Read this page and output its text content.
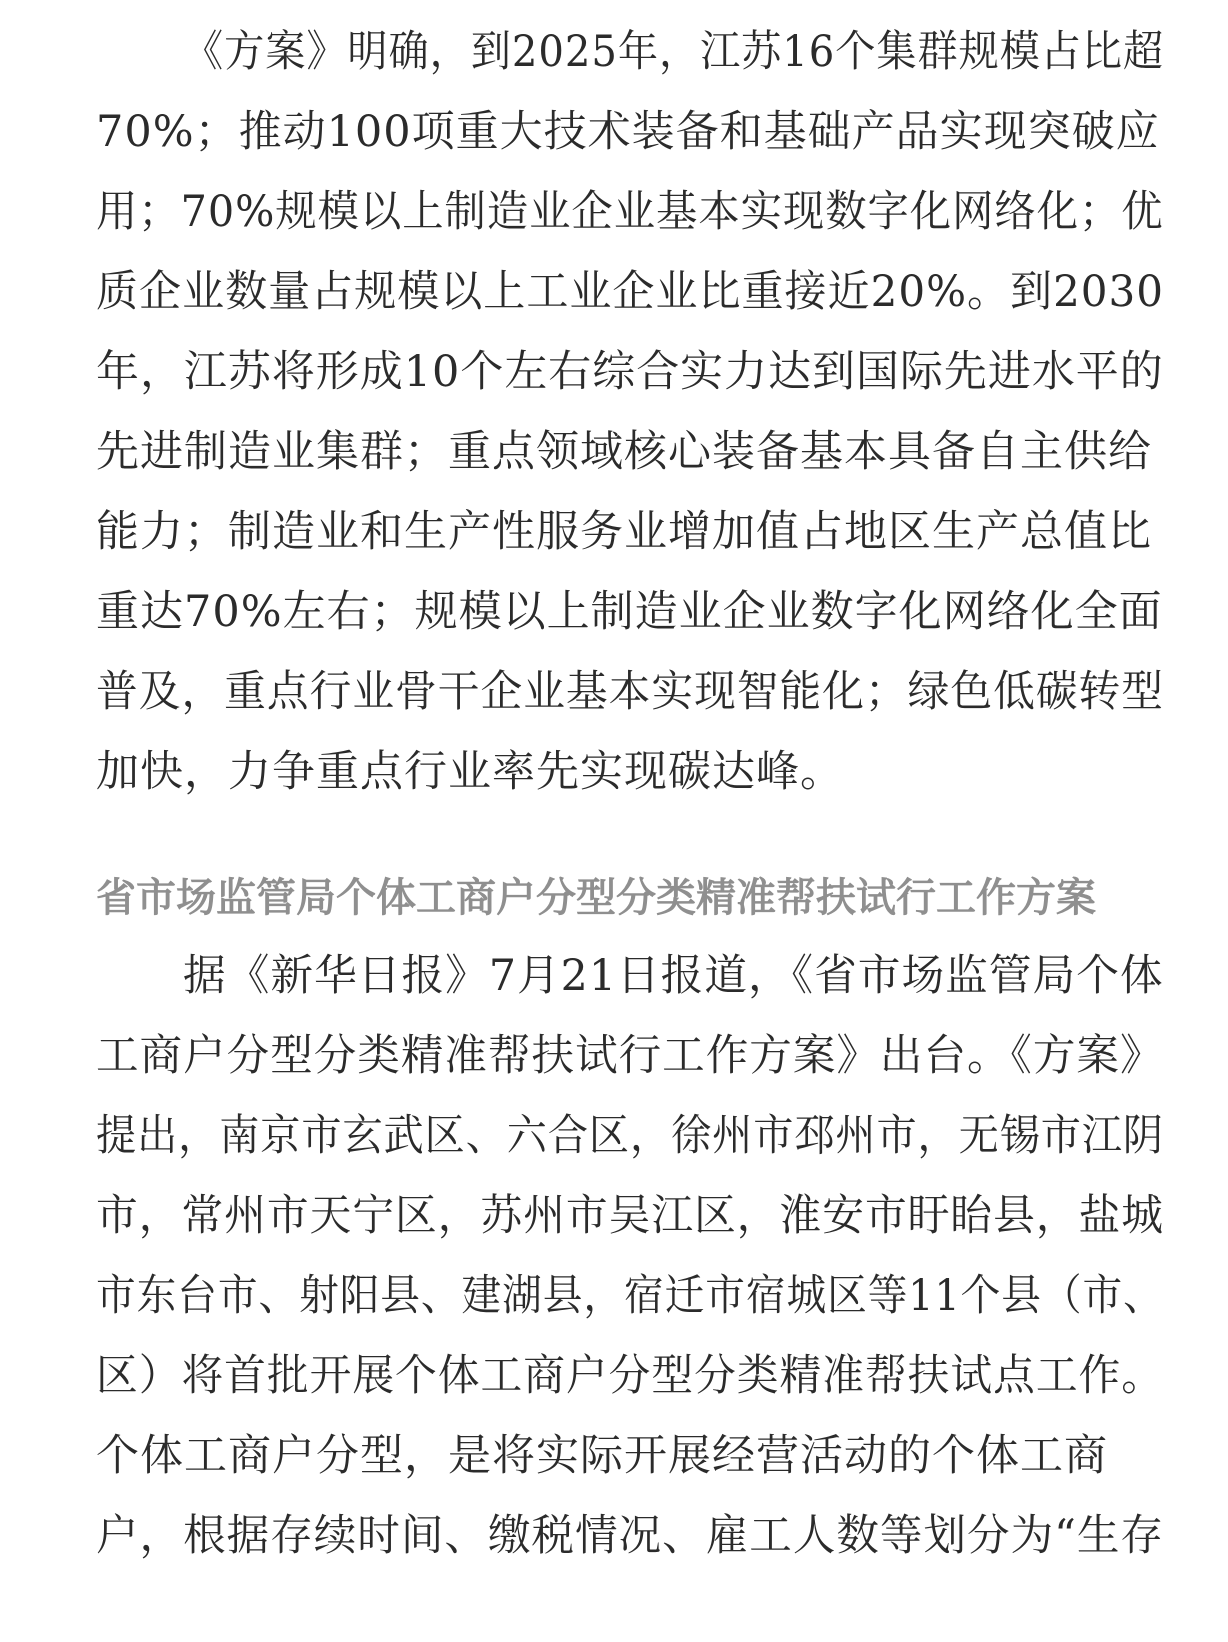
《方案》明确，到2025年，江苏16个集群规模占比超
70%；推动100项重大技术装备和基础产品实现突破应
用；70%规模以上制造业企业基本实现数字化网络化；优
质企业数量占规模以上工业企业比重接近20%。到2030
年，江苏将形成10个左右综合实力达到国际先进水平的
先进制造业集群；重点领域核心装备基本具备自主供给
能力；制造业和生产性服务业增加值占地区生产总值比
重达70%左右；规模以上制造业企业数字化网络化全面
普及，重点行业骨干企业基本实现智能化；绿色低碳转型
加快，力争重点行业率先实现碳达峰。
省市场监管局个体工商户分型分类精准帮扶试行工作方案
据《新华日报》7月21日报道，《省市场监管局个体
工商户分型分类精准帮扶试行工作方案》出台。《方案》
提出，南京市玄武区、六合区，徐州市邳州市，无锡市江阴
市，常州市天宁区，苏州市吴江区，淮安市盱眙县，盐城
市东台市、射阳县、建湖县，宿迁市宿城区等11个县（市、
区）将首批开展个体工商户分型分类精准帮扶试点工作。
个体工商户分型，是将实际开展经营活动的个体工商
户，根据存续时间、缴税情况、雇工人数等划分为“生存
